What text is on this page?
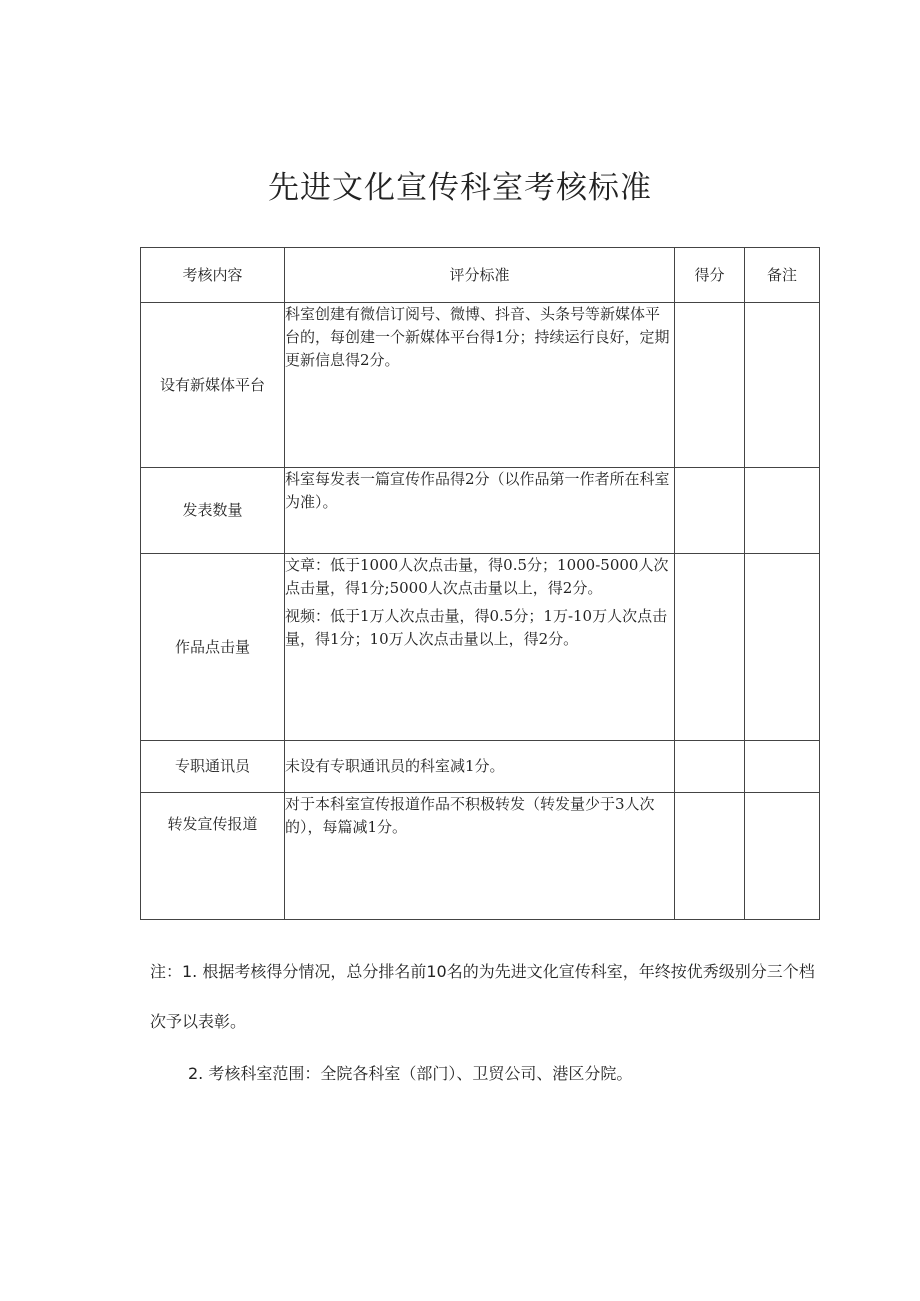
先进文化宣传科室考核标准
考核内容	评分标准	得分	备注
设有新媒体平台	科室创建有微信订阅号、微博、抖音、头条号等新媒体平台的，每创建一个新媒体平台得1分；持续运行良好，定期更新信息得2分。		

发表数量	科室每发表一篇宣传作品得2分（以作品第一作者所在科室为准）。		

作品点击量	文章：低于1000人次点击量，得0.5分；1000-5000人次点击量，得1分;5000人次点击量以上，得2分。

视频：低于1万人次点击量，得0.5分；1万-10万人次点击量，得1分；10万人次点击量以上，得2分。		

专职通讯员	未设有专职通讯员的科室减1分。		

转发宣传报道	对于本科室宣传报道作品不积极转发（转发量少于3人次的），每篇减1分。		

注：1. 根据考核得分情况，总分排名前10名的为先进文化宣传科室，年终按优秀级别分三个档次予以表彰。
2. 考核科室范围：全院各科室（部门）、卫贸公司、港区分院。
